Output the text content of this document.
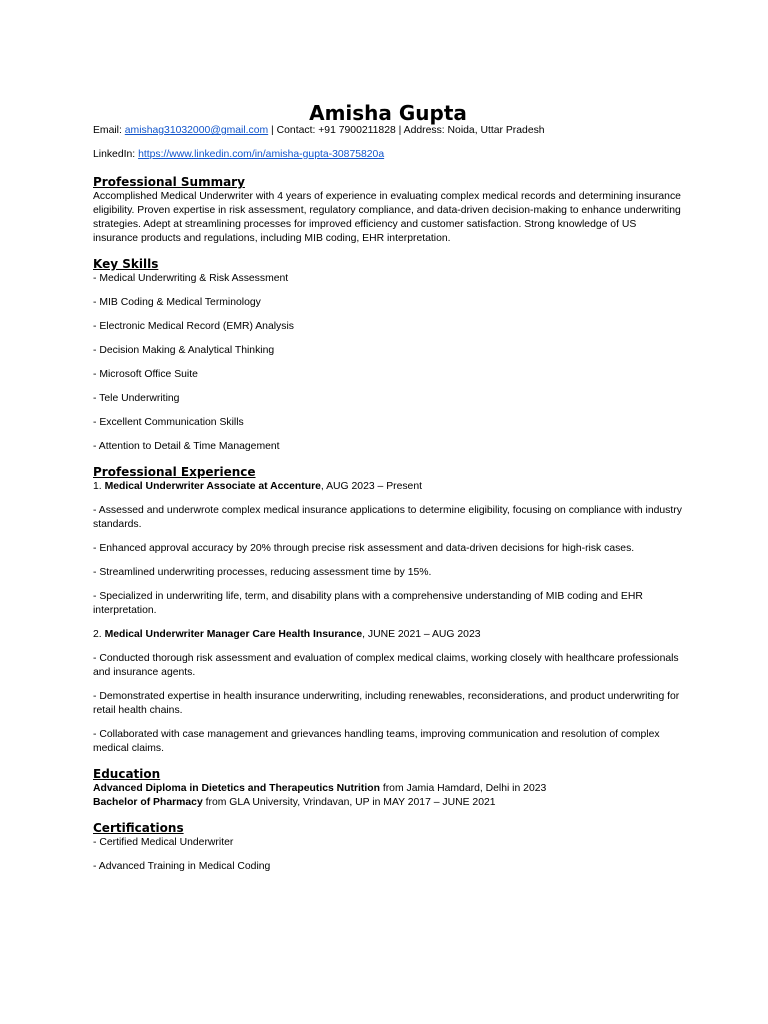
Amisha Gupta

Email: amishag31032000@gmail.com | Contact: +91 7900211828 | Address: Noida, Uttar Pradesh

LinkedIn: https://www.linkedin.com/in/amisha-gupta-30875820a

Professional Summary

Accomplished Medical Underwriter with 4 years of experience in evaluating complex medical records and determining insurance eligibility. Proven expertise in risk assessment, regulatory compliance, and data-driven decision-making to enhance underwriting strategies. Adept at streamlining processes for improved efficiency and customer satisfaction. Strong knowledge of US insurance products and regulations, including MIB coding, EHR interpretation.

Key Skills

- Medical Underwriting & Risk Assessment

- MIB Coding & Medical Terminology

- Electronic Medical Record (EMR) Analysis

- Decision Making & Analytical Thinking

- Microsoft Office Suite

- Tele Underwriting

- Excellent Communication Skills

- Attention to Detail & Time Management

Professional Experience

1. Medical Underwriter Associate at Accenture, AUG 2023 – Present

- Assessed and underwrote complex medical insurance applications to determine eligibility, focusing on compliance with industry standards.

- Enhanced approval accuracy by 20% through precise risk assessment and data-driven decisions for high-risk cases.

- Streamlined underwriting processes, reducing assessment time by 15%.

- Specialized in underwriting life, term, and disability plans with a comprehensive understanding of MIB coding and EHR interpretation.

2. Medical Underwriter Manager Care Health Insurance, JUNE 2021 – AUG 2023

- Conducted thorough risk assessment and evaluation of complex medical claims, working closely with healthcare professionals and insurance agents.

- Demonstrated expertise in health insurance underwriting, including renewables, reconsiderations, and product underwriting for retail health chains.

- Collaborated with case management and grievances handling teams, improving communication and resolution of complex medical claims.

Education

Advanced Diploma in Dietetics and Therapeutics Nutrition from Jamia Hamdard, Delhi in 2023

Bachelor of Pharmacy from GLA University, Vrindavan, UP in MAY 2017 – JUNE 2021

Certifications

- Certified Medical Underwriter

- Advanced Training in Medical Coding
